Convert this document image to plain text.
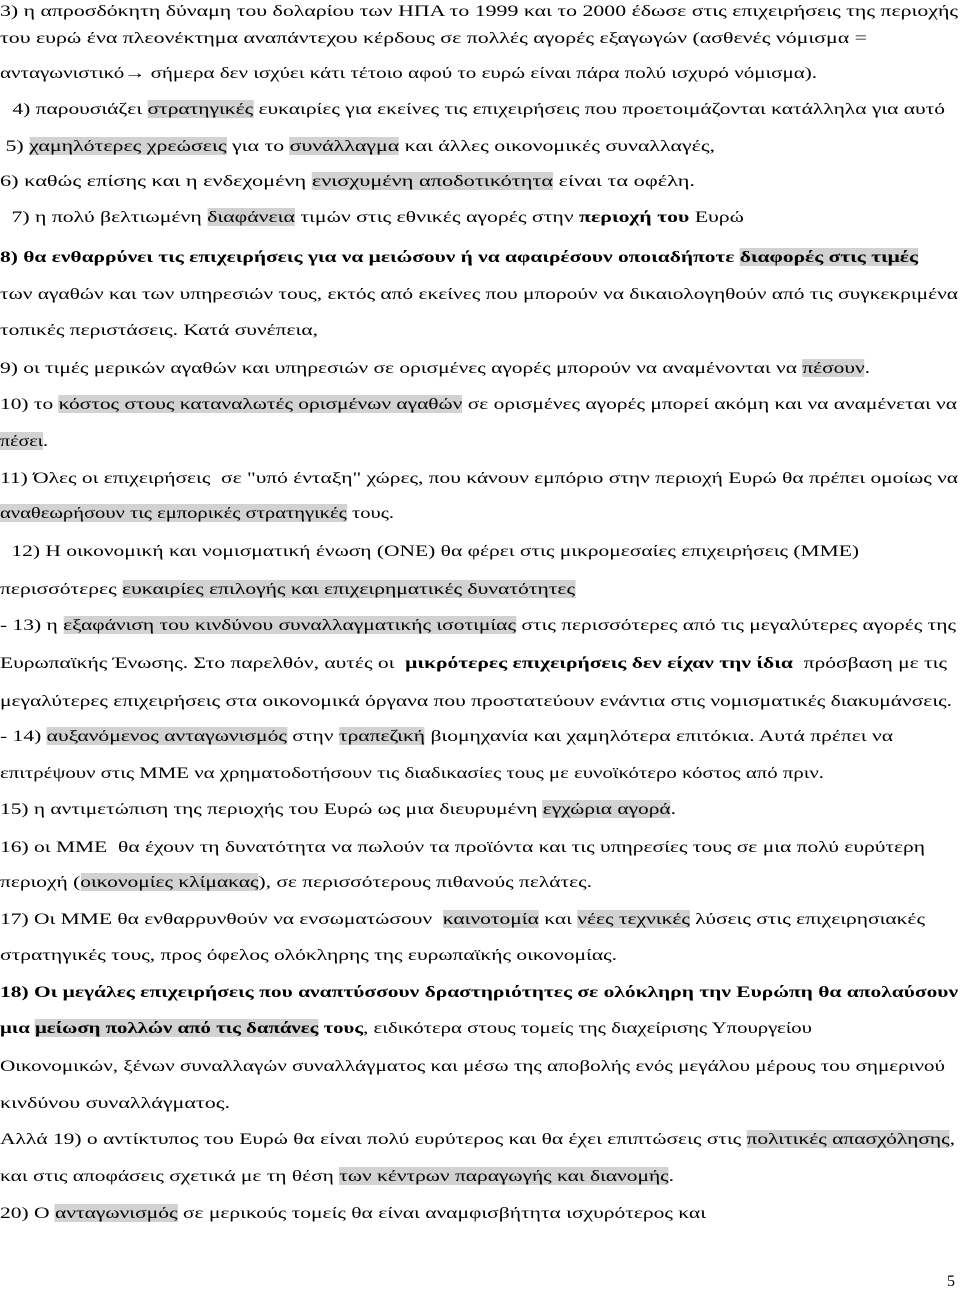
3) η απροσδόκητη δύναμη του δολαρίου των ΗΠΑ το 1999 και το 2000 έδωσε στις επιχειρήσεις της περιοχής
του ευρώ ένα πλεονέκτημα αναπάντεχου κέρδους σε πολλές αγορές εξαγωγών (ασθενές νόμισμα =
ανταγωνιστικό→ σήμερα δεν ισχύει κάτι τέτοιο αφού το ευρώ είναι πάρα πολύ ισχυρό νόμισμα).
4) παρουσιάζει στρατηγικές ευκαιρίες για εκείνες τις επιχειρήσεις που προετοιμάζονται κατάλληλα για αυτό
5) χαμηλότερες χρεώσεις για το συνάλλαγμα και άλλες οικονομικές συναλλαγές,
6) καθώς επίσης και η ενδεχομένη ενισχυμένη αποδοτικότητα είναι τα οφέλη.
7) η πολύ βελτιωμένη διαφάνεια τιμών στις εθνικές αγορές στην περιοχή του Ευρώ
8) θα ενθαρρύνει τις επιχειρήσεις για να μειώσουν ή να αφαιρέσουν οποιαδήποτε διαφορές στις τιμές
των αγαθών και των υπηρεσιών τους, εκτός από εκείνες που μπορούν να δικαιολογηθούν από τις συγκεκριμένα
τοπικές περιστάσεις. Κατά συνέπεια,
9) οι τιμές μερικών αγαθών και υπηρεσιών σε ορισμένες αγορές μπορούν να αναμένονται να πέσουν.
10) το κόστος στους καταναλωτές ορισμένων αγαθών σε ορισμένες αγορές μπορεί ακόμη και να αναμένεται να
πέσει.
11) Όλες οι επιχειρήσεις  σε "υπό ένταξη" χώρες, που κάνουν εμπόριο στην περιοχή Ευρώ θα πρέπει ομοίως να
αναθεωρήσουν τις εμπορικές στρατηγικές τους.
12) Η οικονομική και νομισματική ένωση (ΟΝΕ) θα φέρει στις μικρομεσαίες επιχειρήσεις (ΜΜΕ)
περισσότερες ευκαιρίες επιλογής και επιχειρηματικές δυνατότητες
- 13) η εξαφάνιση του κινδύνου συναλλαγματικής ισοτιμίας στις περισσότερες από τις μεγαλύτερες αγορές της
Ευρωπαϊκής Ένωσης. Στο παρελθόν, αυτές οι  μικρότερες επιχειρήσεις δεν είχαν την ίδια  πρόσβαση με τις
μεγαλύτερες επιχειρήσεις στα οικονομικά όργανα που προστατεύουν ενάντια στις νομισματικές διακυμάνσεις.
- 14) αυξανόμενος ανταγωνισμός στην τραπεζική βιομηχανία και χαμηλότερα επιτόκια. Αυτά πρέπει να
επιτρέψουν στις ΜΜΕ να χρηματοδοτήσουν τις διαδικασίες τους με ευνοϊκότερο κόστος από πριν.
15) η αντιμετώπιση της περιοχής του Ευρώ ως μια διευρυμένη εγχώρια αγορά.
16) οι ΜΜΕ  θα έχουν τη δυνατότητα να πωλούν τα προϊόντα και τις υπηρεσίες τους σε μια πολύ ευρύτερη
περιοχή (οικονομίες κλίμακας), σε περισσότερους πιθανούς πελάτες.
17) Οι ΜΜΕ θα ενθαρρυνθούν να ενσωματώσουν  καινοτομία και νέες τεχνικές λύσεις στις επιχειρησιακές
στρατηγικές τους, προς όφελος ολόκληρης της ευρωπαϊκής οικονομίας.
18) Οι μεγάλες επιχειρήσεις που αναπτύσσουν δραστηριότητες σε ολόκληρη την Ευρώπη θα απολαύσουν
μια μείωση πολλών από τις δαπάνες τους, ειδικότερα στους τομείς της διαχείρισης Υπουργείου
Οικονομικών, ξένων συναλλαγών συναλλάγματος και μέσω της αποβολής ενός μεγάλου μέρους του σημερινού
κινδύνου συναλλάγματος.
Αλλά 19) ο αντίκτυπος του Ευρώ θα είναι πολύ ευρύτερος και θα έχει επιπτώσεις στις πολιτικές απασχόλησης,
και στις αποφάσεις σχετικά με τη θέση των κέντρων παραγωγής και διανομής.
20) Ο ανταγωνισμός σε μερικούς τομείς θα είναι αναμφισβήτητα ισχυρότερος και
5
